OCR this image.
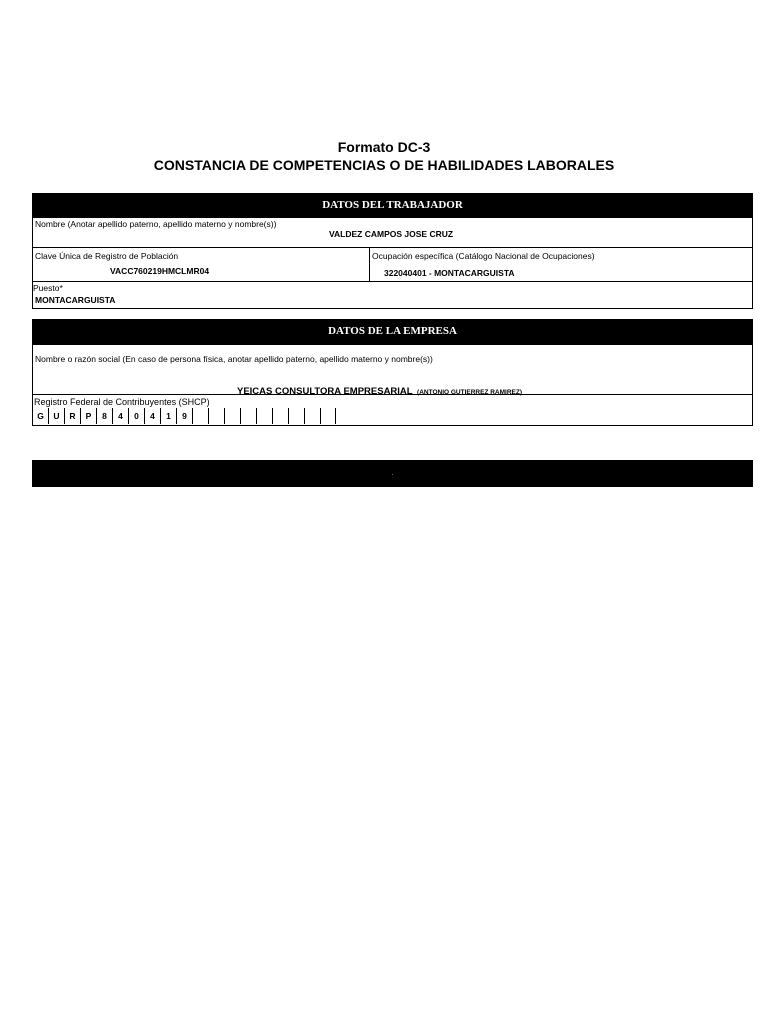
Formato DC-3
CONSTANCIA DE COMPETENCIAS O DE HABILIDADES LABORALES
DATOS DEL TRABAJADOR
Nombre (Anotar apellido paterno, apellido materno y nombre(s))
VALDEZ CAMPOS JOSE CRUZ
Clave Única de Registro de Población
VACC760219HMCLMR04
Ocupación específica (Catálogo Nacional de Ocupaciones)
322040401 - MONTACARGUISTA
Puesto*
MONTACARGUISTA
DATOS DE LA EMPRESA
Nombre o razón social (En caso de persona física, anotar apellido paterno, apellido materno y nombre(s))
YEICAS CONSULTORA EMPRESARIAL (ANTONIO GUTIERREZ RAMIREZ)
Registro Federal de Contribuyentes (SHCP)
G	U	R	P	8	4	0	4	1	9
.
